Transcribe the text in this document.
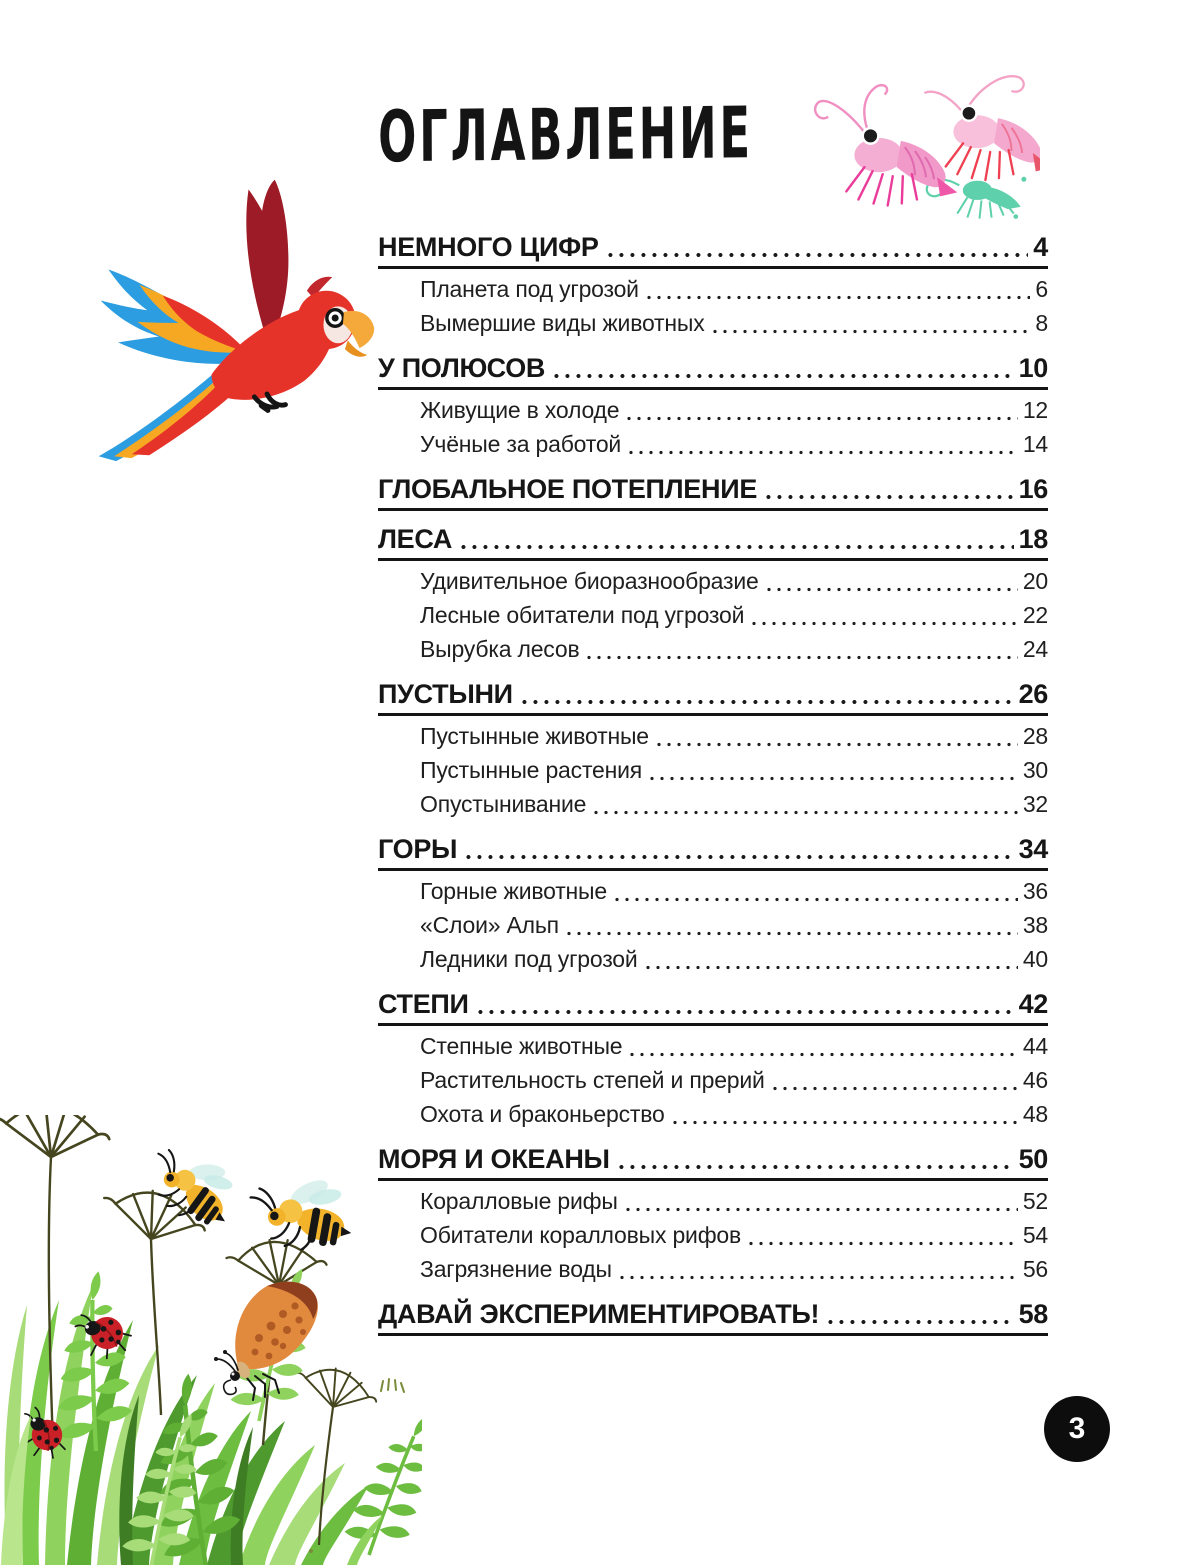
ОГЛАВЛЕНИЕ
НЕМНОГО ЦИФР	4
Планета под угрозой	6
Вымершие виды животных	8
У ПОЛЮСОВ	10
Живущие в холоде	12
Учёные за работой	14
ГЛОБАЛЬНОЕ ПОТЕПЛЕНИЕ	16
ЛЕСА	18
Удивительное биоразнообразие	20
Лесные обитатели под угрозой	22
Вырубка лесов	24
ПУСТЫНИ	26
Пустынные животные	28
Пустынные растения	30
Опустынивание	32
ГОРЫ	34
Горные животные	36
«Слои» Альп	38
Ледники под угрозой	40
СТЕПИ	42
Степные животные	44
Растительность степей и прерий	46
Охота и браконьерство	48
МОРЯ И ОКЕАНЫ	50
Коралловые рифы	52
Обитатели коралловых рифов	54
Загрязнение воды	56
ДАВАЙ ЭКСПЕРИМЕНТИРОВАТЬ!	58
3
